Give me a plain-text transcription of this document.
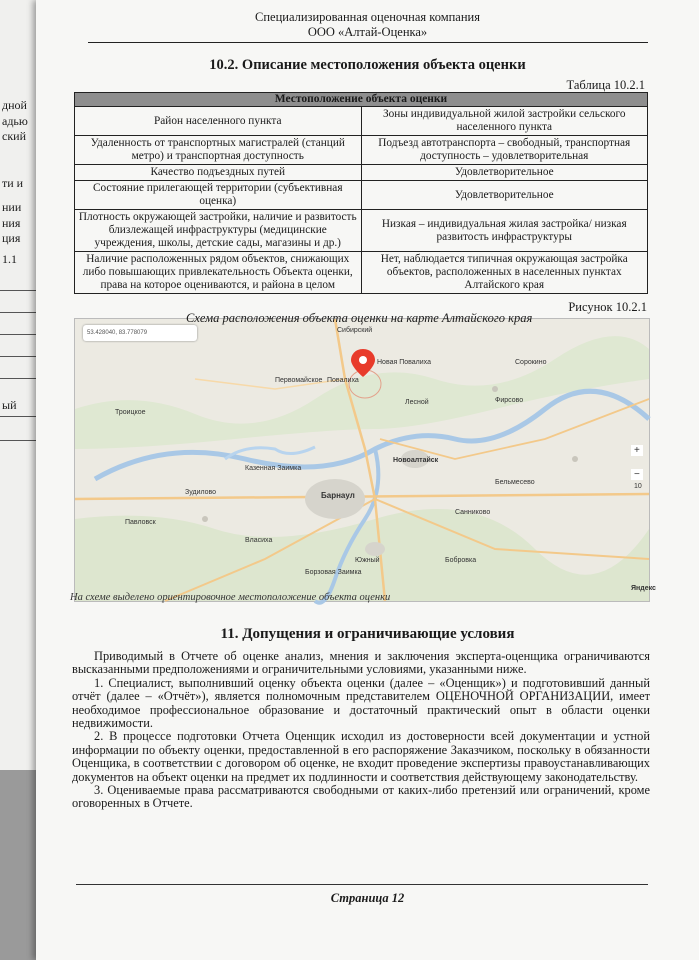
дной
адью
ский
ти и
нии
ния
ция
1.1
ый
Специализированная оценочная компания
ООО «Алтай-Оценка»
10.2. Описание местоположения объекта оценки
Таблица 10.2.1
Местоположение объекта оценки	
Район населенного пункта	Зоны индивидуальной жилой застройки сельского населенного пункта
Удаленность от транспортных магистралей (станций метро) и транспортная доступность	Подъезд автотранспорта – свободный, транспортная доступность – удовлетворительная
Качество подъездных путей	Удовлетворительное
Состояние прилегающей территории (субъективная оценка)	Удовлетворительное
Плотность окружающей застройки, наличие и развитость близлежащей инфраструктуры (медицинские учреждения, школы, детские сады, магазины и др.)	Низкая – индивидуальная жилая застройка/ низкая развитость инфраструктуры
Наличие расположенных рядом объектов, снижающих либо повышающих привлекательность Объекта оценки, права на которое оцениваются, и района в целом	Нет, наблюдается типичная окружающая застройка объектов, расположенных в населенных пунктах Алтайского края
Рисунок 10.2.1
53.428040, 83.778079
Новая Повалиха
Сибирский
Повалиха
Новоалтайск
Барнаул
Власиха
Южный	Бобровка
Сорокино
Троицкое
Павловск
Фирсово
Бельмесево
Санниково
Лесной
Казенная Заимка
Зудилово
Первомайское
Борзовая Заимка
+
10
−
Яндекс
Схема расположения объекта оценки на карте Алтайского края
На схеме выделено ориентировочное местоположение объекта оценки
11. Допущения и ограничивающие условия

Приводимый в Отчете об оценке анализ, мнения и заключения эксперта-оценщика ограничиваются высказанными предположениями и ограничительными условиями, указанными ниже.

1. Специалист, выполнивший оценку объекта оценки (далее – «Оценщик») и подготовивший данный отчёт (далее – «Отчёт»), является полномочным представителем ОЦЕНОЧНОЙ ОРГАНИЗАЦИИ, имеет необходимое профессиональное образование и достаточный практический опыт в области оценки недвижимости.

2. В процессе подготовки Отчета Оценщик исходил из достоверности всей документации и устной информации по объекту оценки, предоставленной в его распоряжение Заказчиком, поскольку в обязанности Оценщика, в соответствии с договором об оценке, не входит проведение экспертизы правоустанавливающих документов на объект оценки на предмет их подлинности и соответствия действующему законодательству.

3. Оцениваемые права рассматриваются свободными от каких-либо претензий или ограничений, кроме оговоренных в Отчете.

Страница 12
